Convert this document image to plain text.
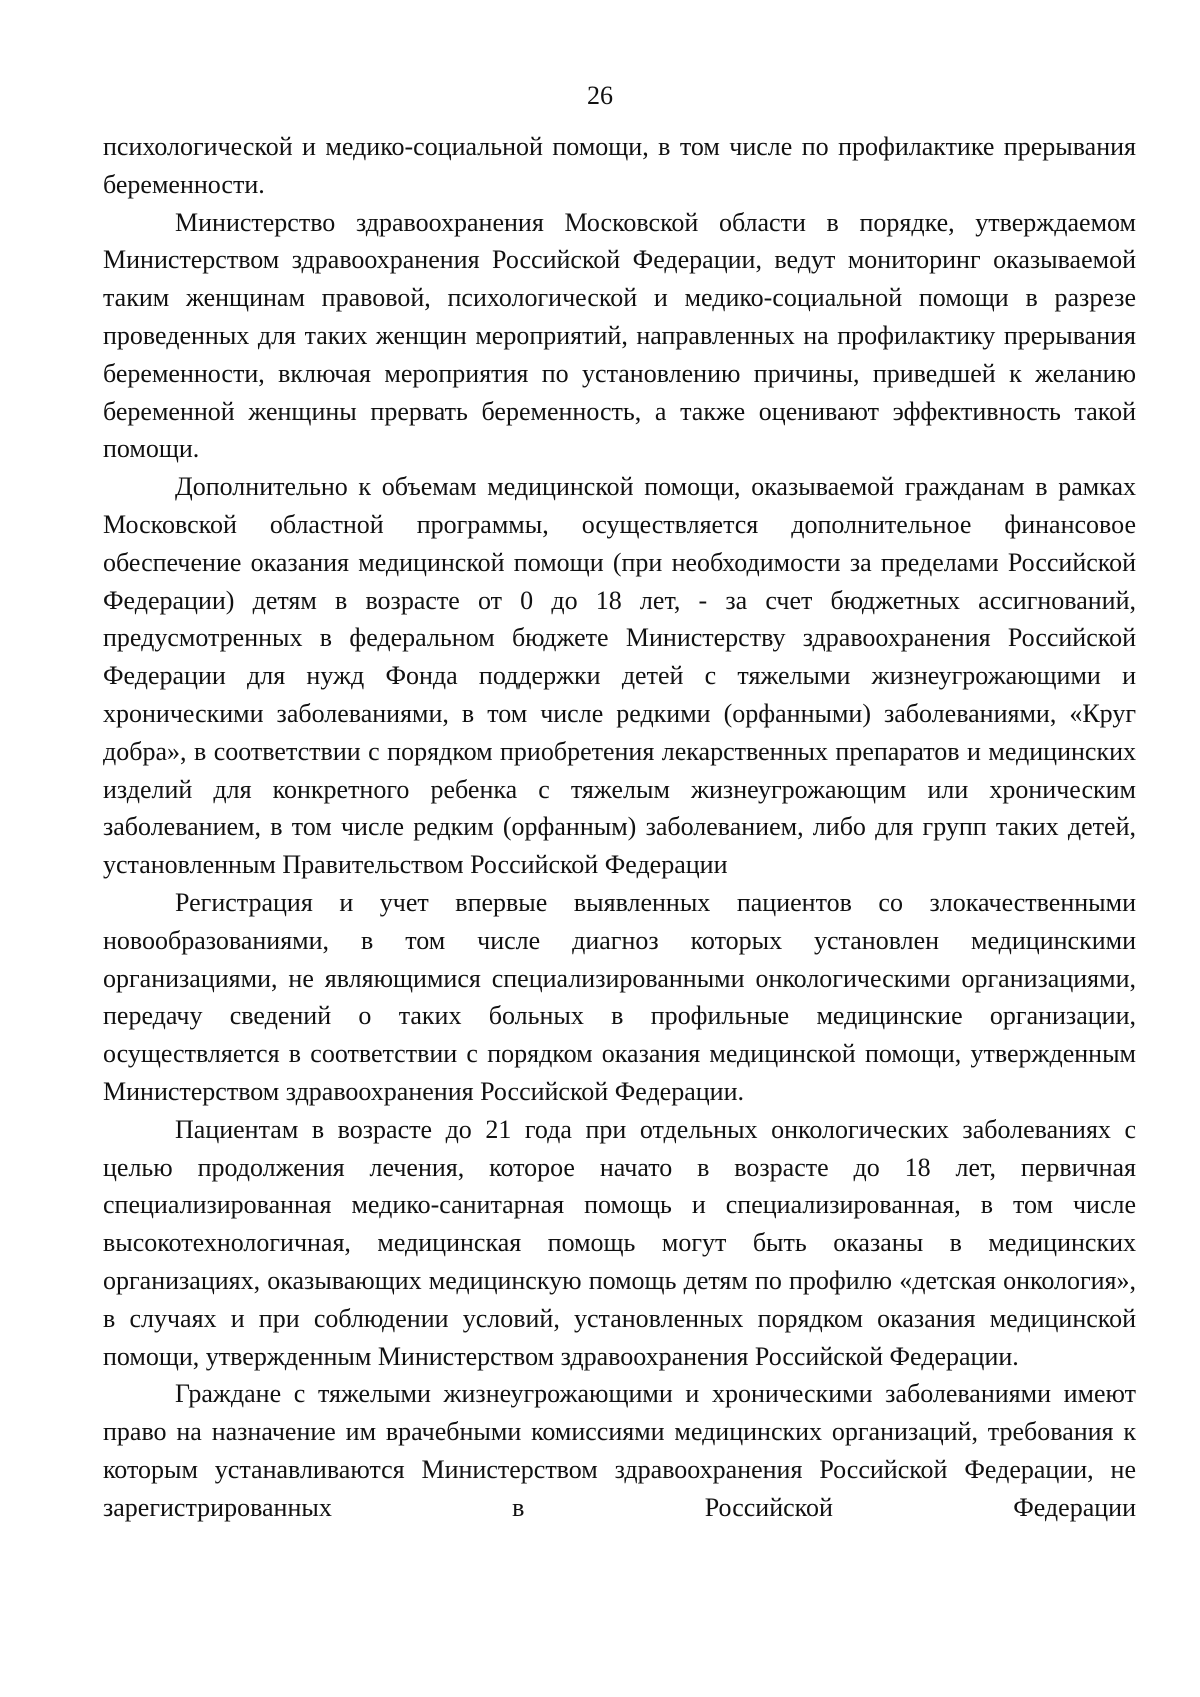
26

психологической и медико-социальной помощи, в том числе по профилактике прерывания беременности.

Министерство здравоохранения Московской области в порядке, утверждаемом Министерством здравоохранения Российской Федерации, ведут мониторинг оказываемой таким женщинам правовой, психологической и медико-социальной помощи в разрезе проведенных для таких женщин мероприятий, направленных на профилактику прерывания беременности, включая мероприятия по установлению причины, приведшей к желанию беременной женщины прервать беременность, а также оценивают эффективность такой помощи.

Дополнительно к объемам медицинской помощи, оказываемой гражданам в рамках Московской областной программы, осуществляется дополнительное финансовое обеспечение оказания медицинской помощи (при необходимости за пределами Российской Федерации) детям в возрасте от 0 до 18 лет, - за счет бюджетных ассигнований, предусмотренных в федеральном бюджете Министерству здравоохранения Российской Федерации для нужд Фонда поддержки детей с тяжелыми жизнеугрожающими и хроническими заболеваниями, в том числе редкими (орфанными) заболеваниями, «Круг добра», в соответствии с порядком приобретения лекарственных препаратов и медицинских изделий для конкретного ребенка с тяжелым жизнеугрожающим или хроническим заболеванием, в том числе редким (орфанным) заболеванием, либо для групп таких детей, установленным Правительством Российской Федерации

Регистрация и учет впервые выявленных пациентов со злокачественными новообразованиями, в том числе диагноз которых установлен медицинскими организациями, не являющимися специализированными онкологическими организациями, передачу сведений о таких больных в профильные медицинские организации, осуществляется в соответствии с порядком оказания медицинской помощи, утвержденным Министерством здравоохранения Российской Федерации.

Пациентам в возрасте до 21 года при отдельных онкологических заболеваниях с целью продолжения лечения, которое начато в возрасте до 18 лет, первичная специализированная медико-санитарная помощь и специализированная, в том числе высокотехнологичная, медицинская помощь могут быть оказаны в медицинских организациях, оказывающих медицинскую помощь детям по профилю «детская онкология», в случаях и при соблюдении условий, установленных порядком оказания медицинской помощи, утвержденным Министерством здравоохранения Российской Федерации.

Граждане с тяжелыми жизнеугрожающими и хроническими заболеваниями имеют право на назначение им врачебными комиссиями медицинских организаций, требования к которым устанавливаются Министерством здравоохранения Российской Федерации, не зарегистрированных в Российской Федерации
